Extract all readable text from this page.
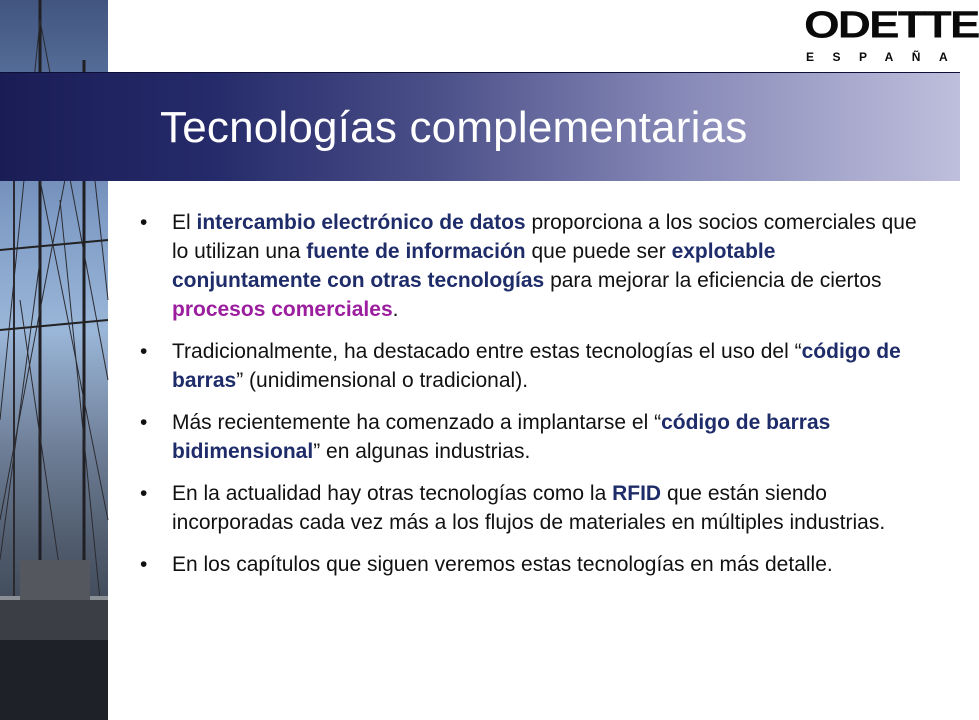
Tecnologías complementarias
ODETTE
ESPAÑA
• El intercambio electrónico de datos proporciona a los socios comerciales que lo utilizan una fuente de información que puede ser explotable conjuntamente con otras tecnologías para mejorar la eficiencia de ciertos procesos comerciales.
• Tradicionalmente, ha destacado entre estas tecnologías el uso del “código de barras” (unidimensional o tradicional).
• Más recientemente ha comenzado a implantarse el “código de barras bidimensional” en algunas industrias.
• En la actualidad hay otras tecnologías como la RFID que están siendo incorporadas cada vez más a los flujos de materiales en múltiples industrias.
• En los capítulos que siguen veremos estas tecnologías en más detalle.
